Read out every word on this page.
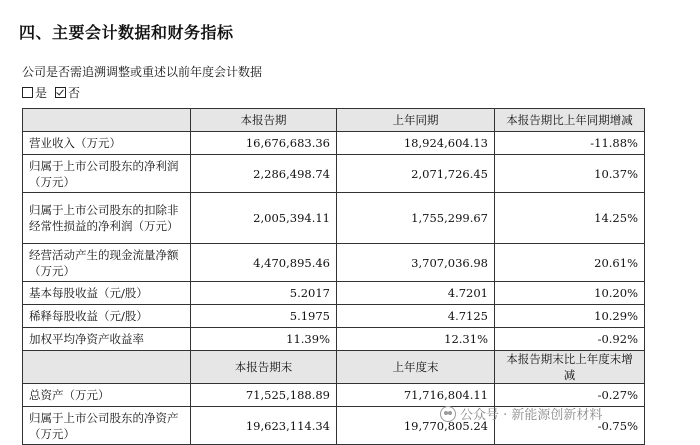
四、主要会计数据和财务指标
公司是否需追溯调整或重述以前年度会计数据
是 否
	本报告期	上年同期	本报告期比上年同期增减
营业收入（万元）	16,676,683.36	18,924,604.13	-11.88%
归属于上市公司股东的净利润（万元）	2,286,498.74	2,071,726.45	10.37%
归属于上市公司股东的扣除非经常性损益的净利润（万元）	2,005,394.11	1,755,299.67	14.25%
经营活动产生的现金流量净额（万元）	4,470,895.46	3,707,036.98	20.61%
基本每股收益（元/股）	5.2017	4.7201	10.20%
稀释每股收益（元/股）	5.1975	4.7125	10.29%
加权平均净资产收益率	11.39%	12.31%	-0.92%
	本报告期末	上年度末	本报告期末比上年度末增减
总资产（万元）	71,525,188.89	71,716,804.11	-0.27%
归属于上市公司股东的净资产（万元）	19,623,114.34	19,770,805.24	-0.75%
公众号 · 新能源创新材料
